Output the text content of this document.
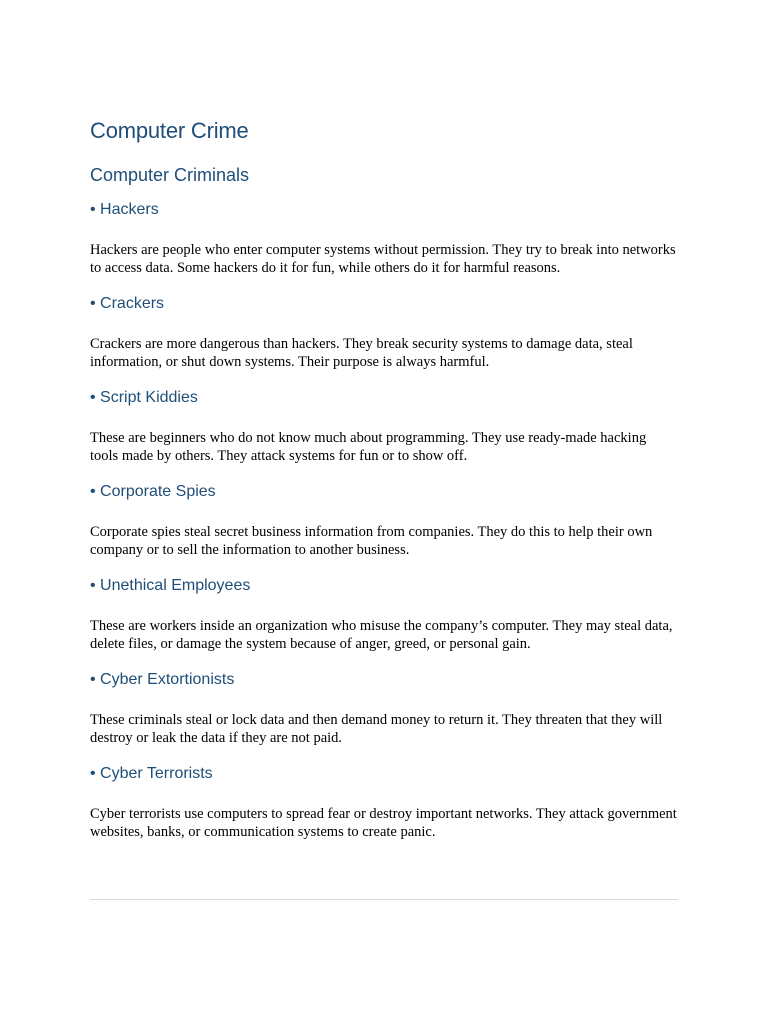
Computer Crime
Computer Criminals
• Hackers

Hackers are people who enter computer systems without permission. They try to break into networks to access data. Some hackers do it for fun, while others do it for harmful reasons.

• Crackers

Crackers are more dangerous than hackers. They break security systems to damage data, steal information, or shut down systems. Their purpose is always harmful.

• Script Kiddies

These are beginners who do not know much about programming. They use ready-made hacking tools made by others. They attack systems for fun or to show off.

• Corporate Spies

Corporate spies steal secret business information from companies. They do this to help their own company or to sell the information to another business.

• Unethical Employees

These are workers inside an organization who misuse the company’s computer. They may steal data, delete files, or damage the system because of anger, greed, or personal gain.

• Cyber Extortionists

These criminals steal or lock data and then demand money to return it. They threaten that they will destroy or leak the data if they are not paid.

• Cyber Terrorists

Cyber terrorists use computers to spread fear or destroy important networks. They attack government websites, banks, or communication systems to create panic.
